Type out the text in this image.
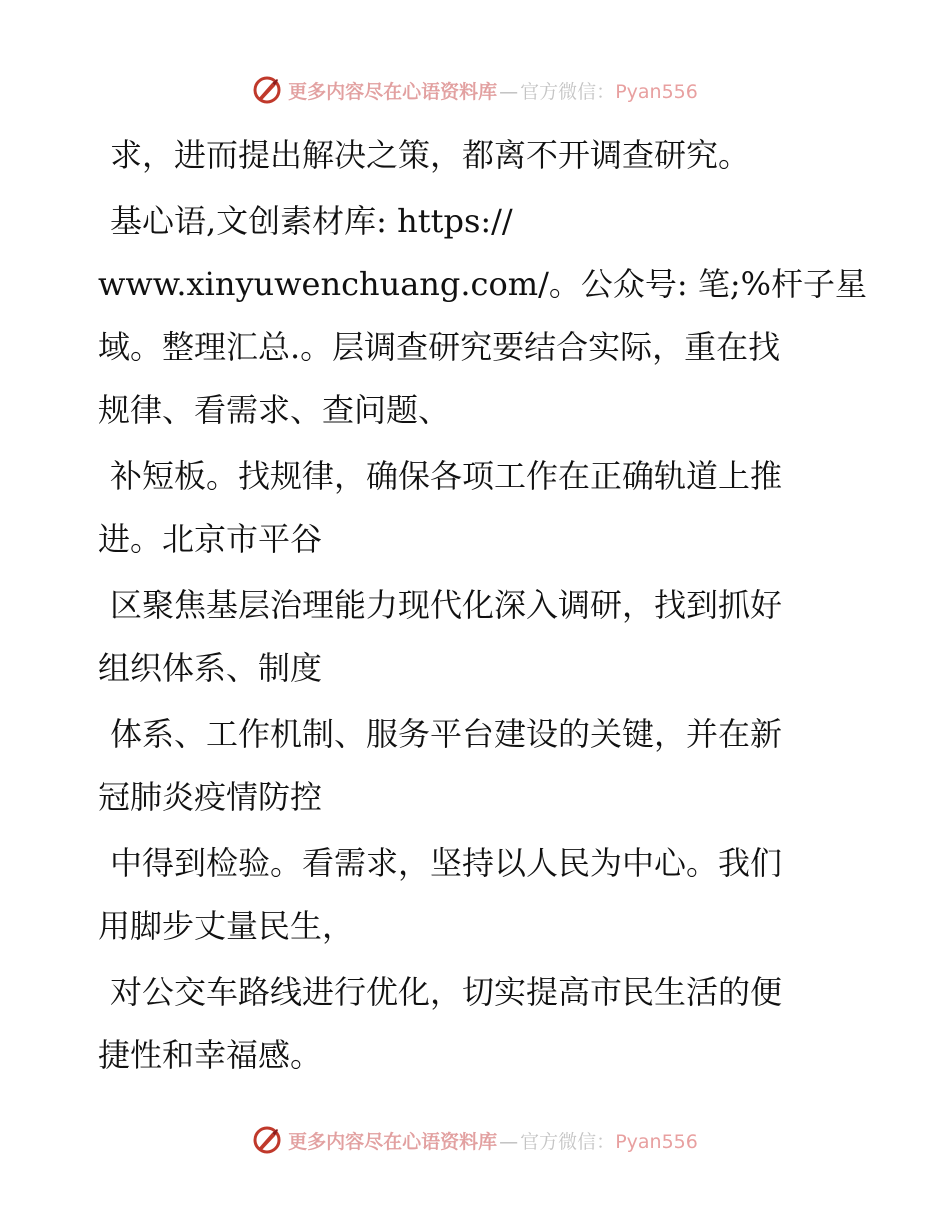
更多内容尽在心语资料库 — 官方微信：Pyan556

求，进而提出解决之策，都离不开调查研究。

基心语,文创素材库: https://
www.xinyuwenchuang.com/。公众号: 笔;%杆子星
域。整理汇总.。层调查研究要结合实际，重在找
规律、看需求、查问题、

补短板。找规律，确保各项工作在正确轨道上推
进。北京市平谷

区聚焦基层治理能力现代化深入调研，找到抓好
组织体系、制度

体系、工作机制、服务平台建设的关键，并在新
冠肺炎疫情防控

中得到检验。看需求，坚持以人民为中心。我们
用脚步丈量民生，

对公交车路线进行优化，切实提高市民生活的便
捷性和幸福感。

更多内容尽在心语资料库 — 官方微信：Pyan556
